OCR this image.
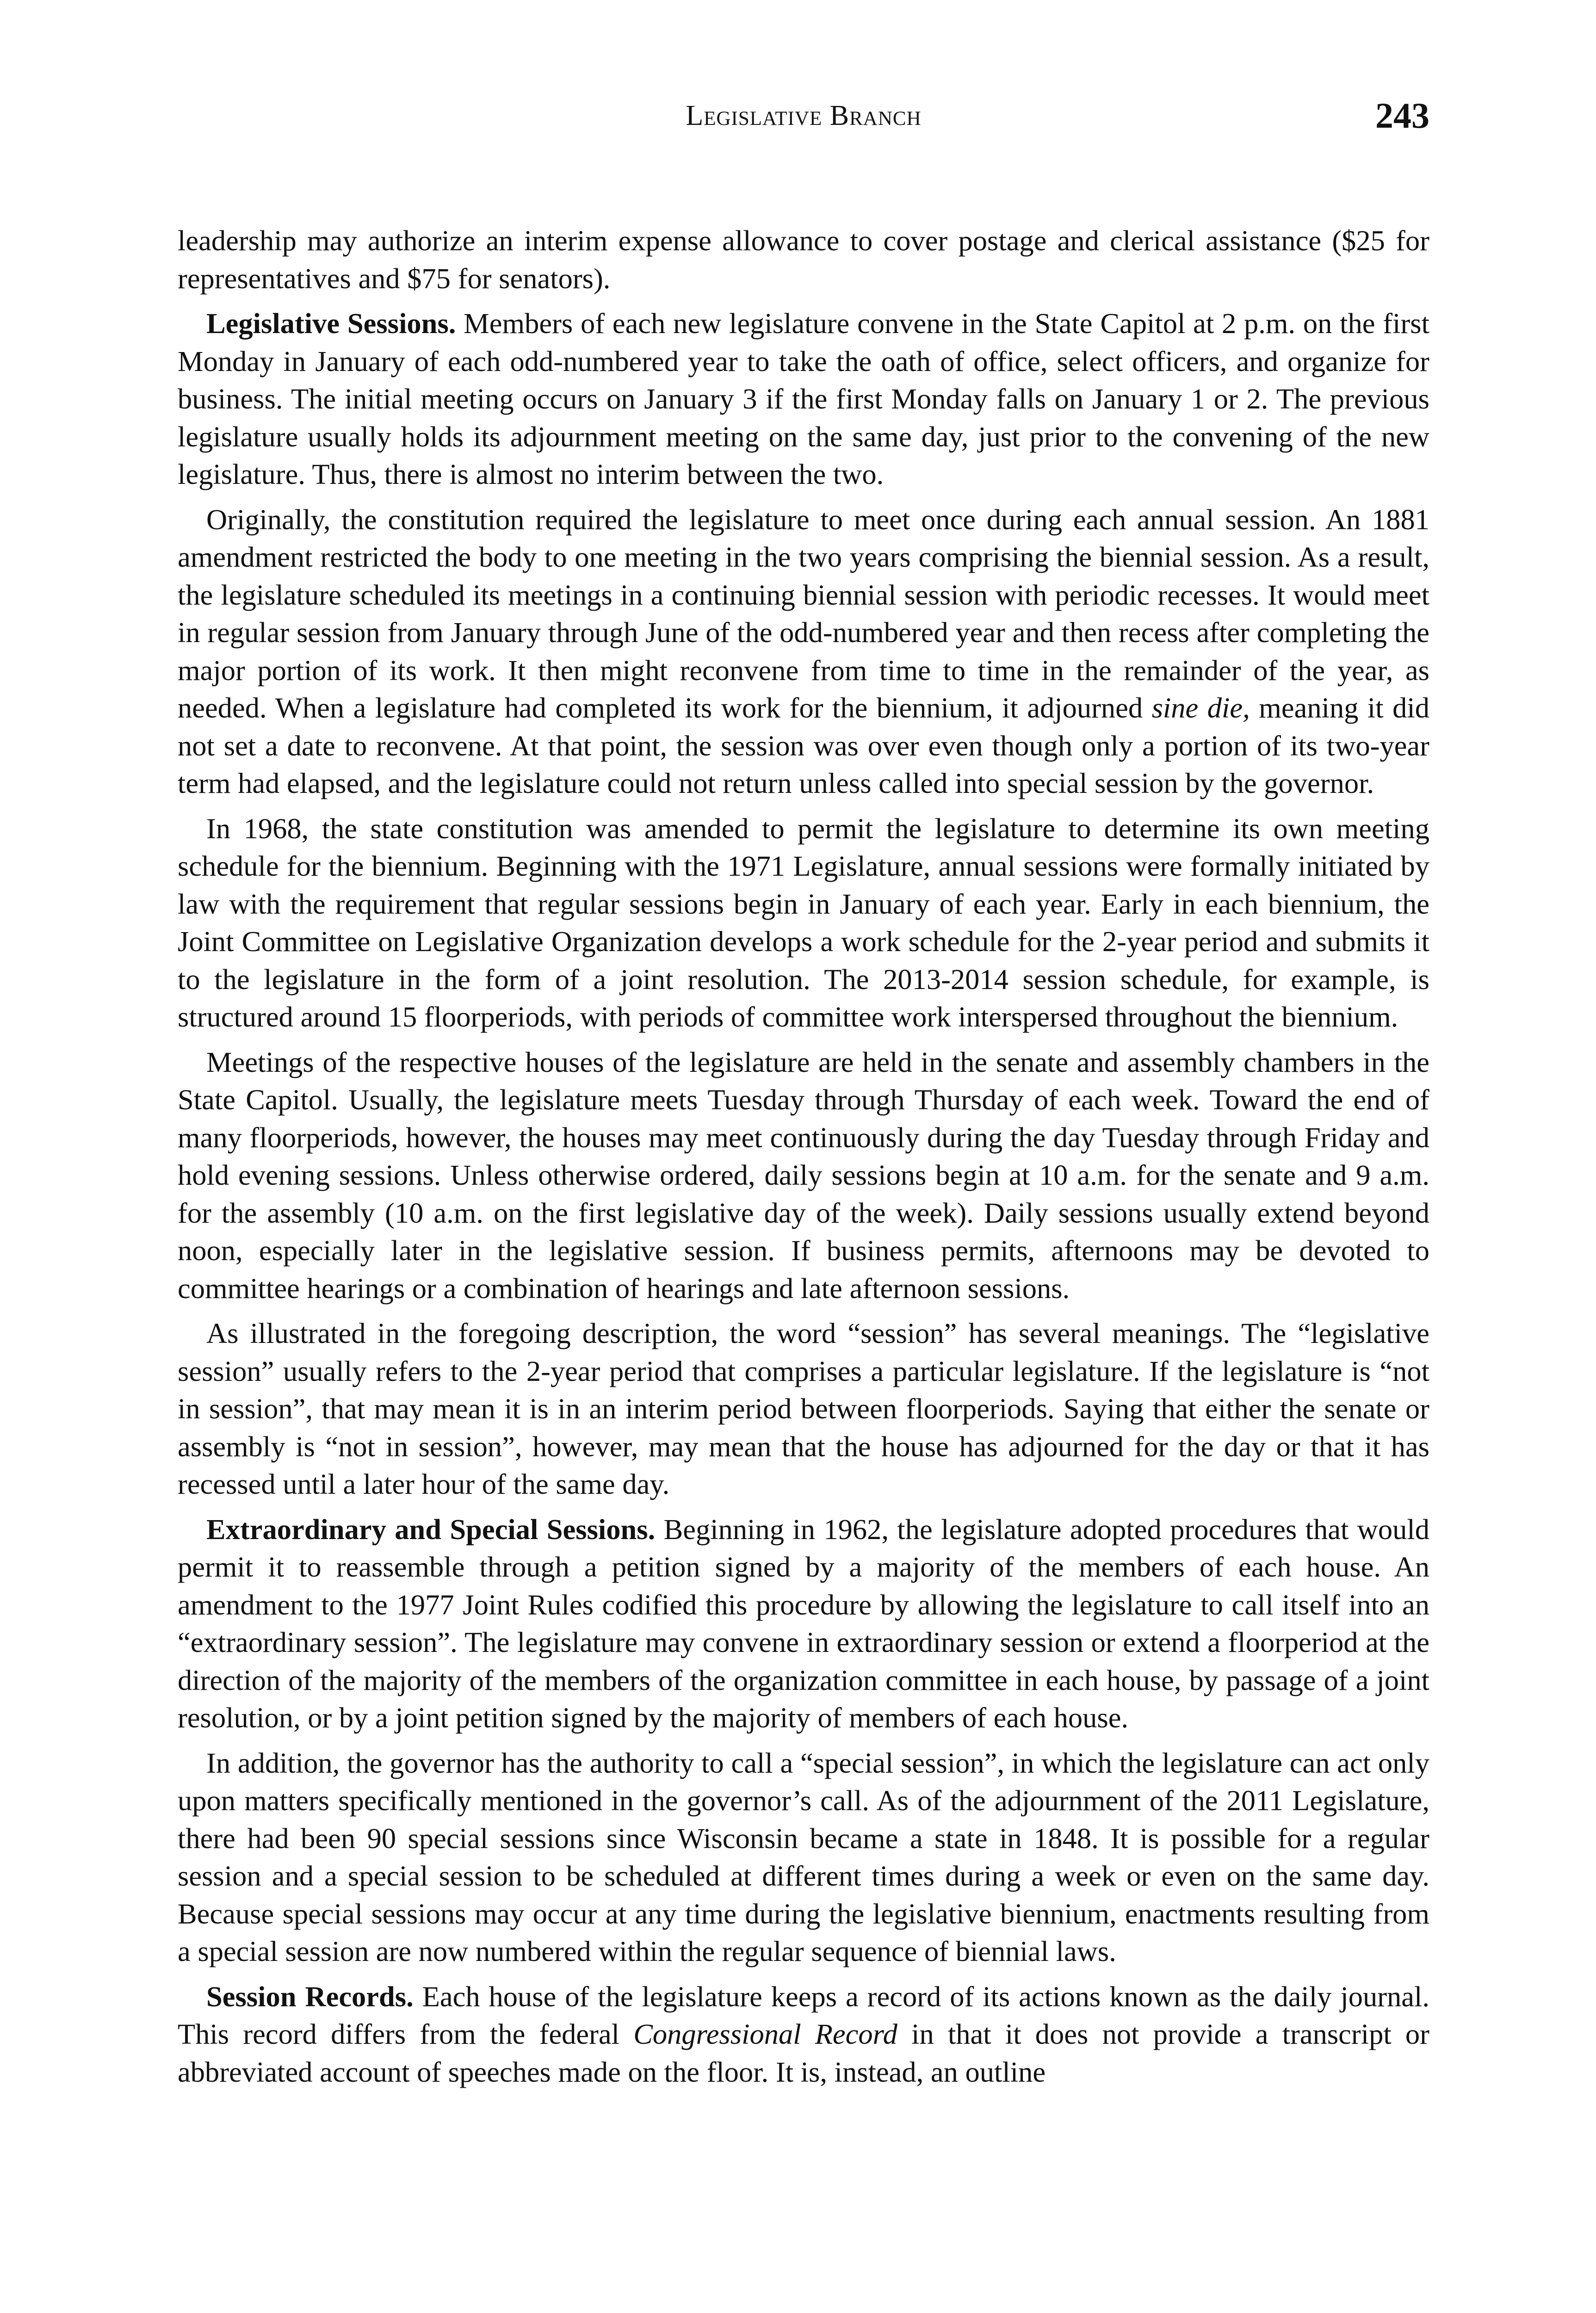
Legislative Branch	243

leadership may authorize an interim expense allowance to cover postage and clerical assistance ($25 for representatives and $75 for senators).

Legislative Sessions. Members of each new legislature convene in the State Capitol at 2 p.m. on the first Monday in January of each odd-numbered year to take the oath of office, select officers, and organize for business. The initial meeting occurs on January 3 if the first Monday falls on January 1 or 2. The previous legislature usually holds its adjournment meeting on the same day, just prior to the convening of the new legislature. Thus, there is almost no interim between the two.

Originally, the constitution required the legislature to meet once during each annual session. An 1881 amendment restricted the body to one meeting in the two years comprising the biennial session. As a result, the legislature scheduled its meetings in a continuing biennial session with periodic recesses. It would meet in regular session from January through June of the odd-numbered year and then recess after completing the major portion of its work. It then might reconvene from time to time in the remainder of the year, as needed. When a legislature had completed its work for the biennium, it adjourned sine die, meaning it did not set a date to reconvene. At that point, the session was over even though only a portion of its two-year term had elapsed, and the legislature could not return unless called into special session by the governor.

In 1968, the state constitution was amended to permit the legislature to determine its own meeting schedule for the biennium. Beginning with the 1971 Legislature, annual sessions were formally initiated by law with the requirement that regular sessions begin in January of each year. Early in each biennium, the Joint Committee on Legislative Organization develops a work schedule for the 2-year period and submits it to the legislature in the form of a joint resolution. The 2013-2014 session schedule, for example, is structured around 15 floorperiods, with periods of committee work interspersed throughout the biennium.

Meetings of the respective houses of the legislature are held in the senate and assembly chambers in the State Capitol. Usually, the legislature meets Tuesday through Thursday of each week. Toward the end of many floorperiods, however, the houses may meet continuously during the day Tuesday through Friday and hold evening sessions. Unless otherwise ordered, daily sessions begin at 10 a.m. for the senate and 9 a.m. for the assembly (10 a.m. on the first legislative day of the week). Daily sessions usually extend beyond noon, especially later in the legislative session. If business permits, afternoons may be devoted to committee hearings or a combination of hearings and late afternoon sessions.

As illustrated in the foregoing description, the word “session” has several meanings. The “legislative session” usually refers to the 2-year period that comprises a particular legislature. If the legislature is “not in session”, that may mean it is in an interim period between floorperiods. Saying that either the senate or assembly is “not in session”, however, may mean that the house has adjourned for the day or that it has recessed until a later hour of the same day.

Extraordinary and Special Sessions. Beginning in 1962, the legislature adopted procedures that would permit it to reassemble through a petition signed by a majority of the members of each house. An amendment to the 1977 Joint Rules codified this procedure by allowing the legislature to call itself into an “extraordinary session”. The legislature may convene in extraordinary session or extend a floorperiod at the direction of the majority of the members of the organization committee in each house, by passage of a joint resolution, or by a joint petition signed by the majority of members of each house.

In addition, the governor has the authority to call a “special session”, in which the legislature can act only upon matters specifically mentioned in the governor’s call. As of the adjournment of the 2011 Legislature, there had been 90 special sessions since Wisconsin became a state in 1848. It is possible for a regular session and a special session to be scheduled at different times during a week or even on the same day. Because special sessions may occur at any time during the legislative biennium, enactments resulting from a special session are now numbered within the regular sequence of biennial laws.

Session Records. Each house of the legislature keeps a record of its actions known as the daily journal. This record differs from the federal Congressional Record in that it does not provide a transcript or abbreviated account of speeches made on the floor. It is, instead, an outline
